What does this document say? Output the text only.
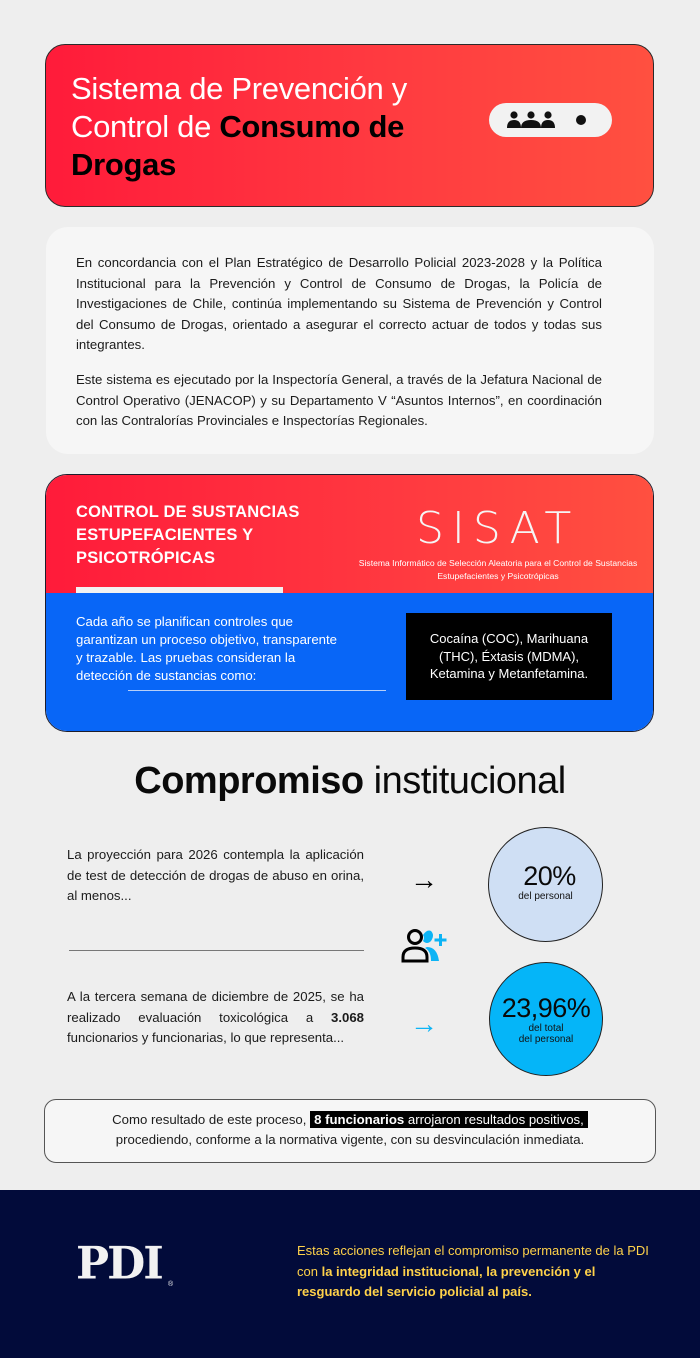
Sistema de Prevención y Control de Consumo de Drogas

En concordancia con el Plan Estratégico de Desarrollo Policial 2023-2028 y la Política Institucional para la Prevención y Control de Consumo de Drogas, la Policía de Investigaciones de Chile, continúa implementando su Sistema de Prevención y Control del Consumo de Drogas, orientado a asegurar el correcto actuar de todos y todas sus integrantes.

Este sistema es ejecutado por la Inspectoría General, a través de la Jefatura Nacional de Control Operativo (JENACOP) y su Departamento V “Asuntos Internos”, en coordinación con las Contralorías Provinciales e Inspectorías Regionales.

CONTROL DE SUSTANCIAS ESTUPEFACIENTES Y PSICOTRÓPICAS
SISAT
Sistema Informático de Selección Aleatoria para el Control de Sustancias Estupefacientes y Psicotrópicas
Cada año se planifican controles que garantizan un proceso objetivo, transparente y trazable. Las pruebas consideran la detección de sustancias como:
Cocaína (COC), Marihuana (THC), Éxtasis (MDMA), Ketamina y Metanfetamina.
Compromiso institucional
La proyección para 2026 contempla la aplicación de test de detección de drogas de abuso en orina, al menos...
A la tercera semana de diciembre de 2025, se ha realizado evaluación toxicológica a 3.068 funcionarios y funcionarias, lo que representa...
→
→
20%
del personal
23,96%
del total
del personal
Como resultado de este proceso, 8 funcionarios arrojaron resultados positivos,
procediendo, conforme a la normativa vigente, con su desvinculación inmediata.
PDI ®
Estas acciones reflejan el compromiso permanente de la PDI con la integridad institucional, la prevención y el resguardo del servicio policial al país.
